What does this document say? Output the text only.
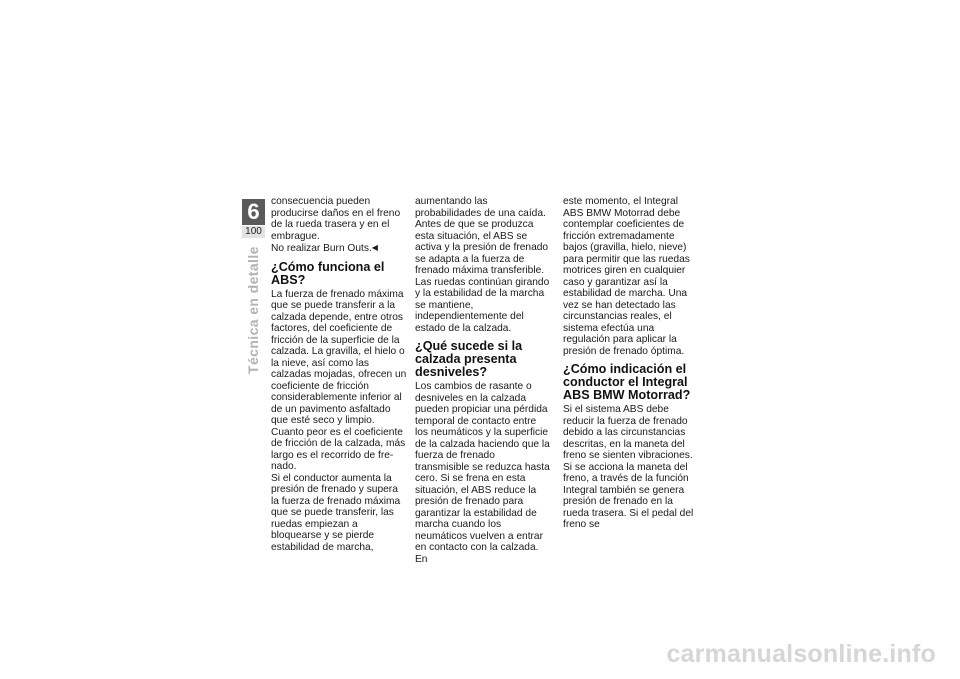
6
100
Técnica en detalle

consecuencia pueden producirse daños en el freno de la rueda trasera y en el embrague.

No realizar Burn Outs.◀

¿Cómo funciona el ABS?

La fuerza de frenado máxima que se puede transferir a la calzada depende, entre otros factores, del coeficiente de fricción de la superficie de la calzada. La gravilla, el hielo o la nieve, así como las calzadas mojadas, ofrecen un coeficiente de fricción considerablemente inferior al de un pavimento asfaltado que esté seco y limpio. Cuanto peor es el coeficiente de fricción de la calzada, más largo es el recorrido de frenado.

Si el conductor aumenta la presión de frenado y supera la fuerza de frenado máxima que se puede transferir, las ruedas empiezan a bloquearse y se pierde estabilidad de marcha,

aumentando las probabilidades de una caída. Antes de que se produzca esta situación, el ABS se activa y la presión de frenado se adapta a la fuerza de frenado máxima transferible. Las ruedas continúan girando y la estabilidad de la marcha se mantiene, independientemente del estado de la calzada.

¿Qué sucede si la calzada presenta desniveles?

Los cambios de rasante o desniveles en la calzada pueden propiciar una pérdida temporal de contacto entre los neumáticos y la superficie de la calzada haciendo que la fuerza de frenado transmisible se reduzca hasta cero. Si se frena en esta situación, el ABS reduce la presión de frenado para garantizar la estabilidad de marcha cuando los neumáticos vuelven a entrar en contacto con la calzada. En

este momento, el Integral ABS BMW Motorrad debe contemplar coeficientes de fricción extremadamente bajos (gravilla, hielo, nieve) para permitir que las ruedas motrices giren en cualquier caso y garantizar así la estabilidad de marcha. Una vez se han detectado las circunstancias reales, el sistema efectúa una regulación para aplicar la presión de frenado óptima.

¿Cómo indicación el conductor el Integral ABS BMW Motorrad?

Si el sistema ABS debe reducir la fuerza de frenado debido a las circunstancias descritas, en la maneta del freno se sienten vibraciones.

Si se acciona la maneta del freno, a través de la función Integral también se genera presión de frenado en la rueda trasera. Si el pedal del freno se

carmanualsonline.info
